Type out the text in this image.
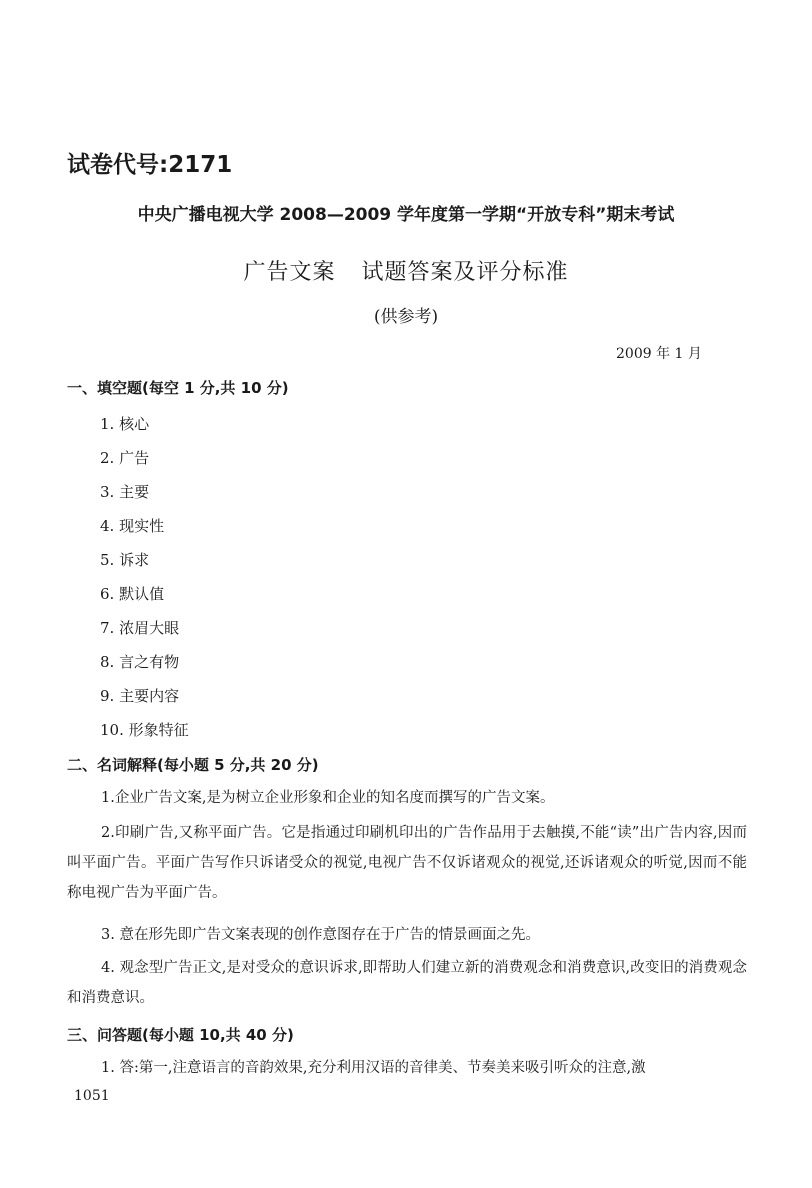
试卷代号:2171
中央广播电视大学 2008—2009 学年度第一学期“开放专科”期末考试
广告文案 试题答案及评分标准
(供参考)
2009 年 1 月
一、填空题(每空 1 分,共 10 分)
1. 核心
2. 广告
3. 主要
4. 现实性
5. 诉求
6. 默认值
7. 浓眉大眼
8. 言之有物
9. 主要内容
10. 形象特征
二、名词解释(每小题 5 分,共 20 分)
1.企业广告文案,是为树立企业形象和企业的知名度而撰写的广告文案。
2.印刷广告,又称平面广告。它是指通过印刷机印出的广告作品用于去触摸,不能“读”出广告内容,因而叫平面广告。平面广告写作只诉诸受众的视觉,电视广告不仅诉诸观众的视觉,还诉诸观众的听觉,因而不能称电视广告为平面广告。
3. 意在形先即广告文案表现的创作意图存在于广告的情景画面之先。
4. 观念型广告正文,是对受众的意识诉求,即帮助人们建立新的消费观念和消费意识,改变旧的消费观念和消费意识。
三、问答题(每小题 10,共 40 分)
1. 答:第一,注意语言的音韵效果,充分利用汉语的音律美、节奏美来吸引听众的注意,激
1051
